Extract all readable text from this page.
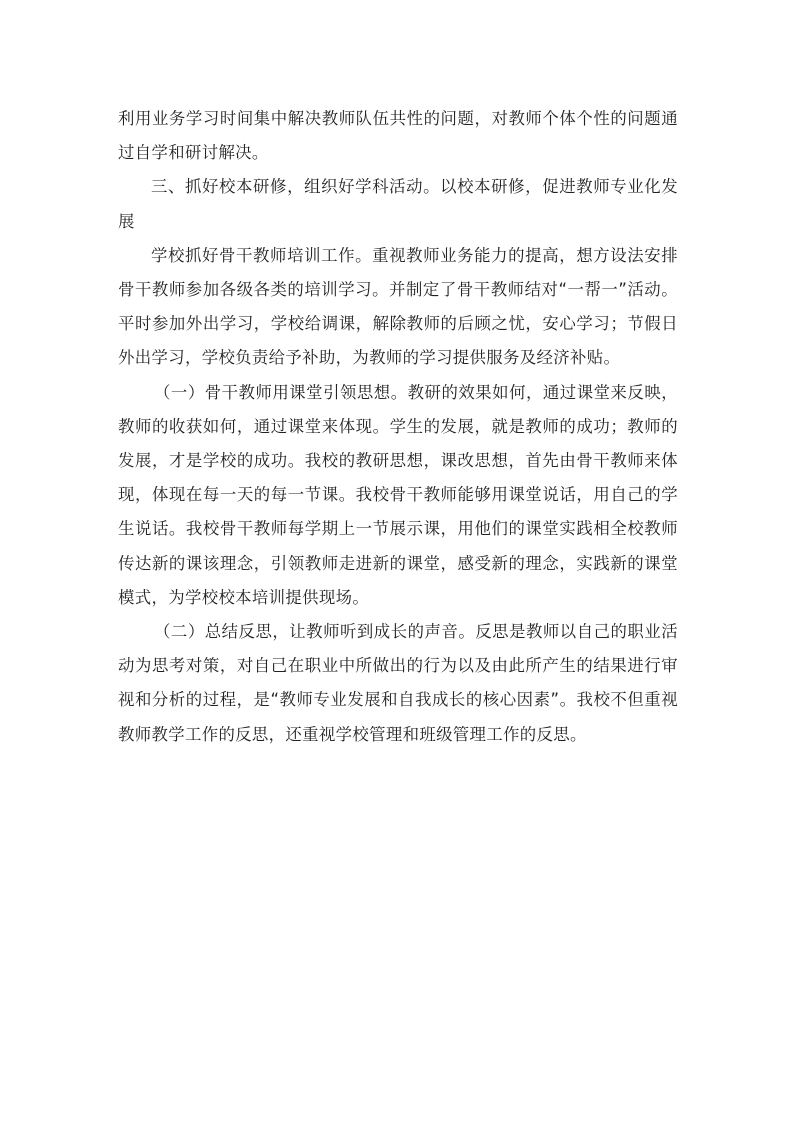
利用业务学习时间集中解决教师队伍共性的问题，对教师个体个性的问题通过自学和研讨解决。

三、抓好校本研修，组织好学科活动。以校本研修，促进教师专业化发展

学校抓好骨干教师培训工作。重视教师业务能力的提高，想方设法安排骨干教师参加各级各类的培训学习。并制定了骨干教师结对“一帮一”活动。平时参加外出学习，学校给调课，解除教师的后顾之忧，安心学习；节假日外出学习，学校负责给予补助，为教师的学习提供服务及经济补贴。

（一）骨干教师用课堂引领思想。教研的效果如何，通过课堂来反映，教师的收获如何，通过课堂来体现。学生的发展，就是教师的成功；教师的发展，才是学校的成功。我校的教研思想，课改思想，首先由骨干教师来体现，体现在每一天的每一节课。我校骨干教师能够用课堂说话，用自己的学生说话。我校骨干教师每学期上一节展示课，用他们的课堂实践相全校教师传达新的课该理念，引领教师走进新的课堂，感受新的理念，实践新的课堂模式，为学校校本培训提供现场。

（二）总结反思，让教师听到成长的声音。反思是教师以自己的职业活动为思考对策，对自己在职业中所做出的行为以及由此所产生的结果进行审视和分析的过程，是“教师专业发展和自我成长的核心因素”。我校不但重视教师教学工作的反思，还重视学校管理和班级管理工作的反思。
